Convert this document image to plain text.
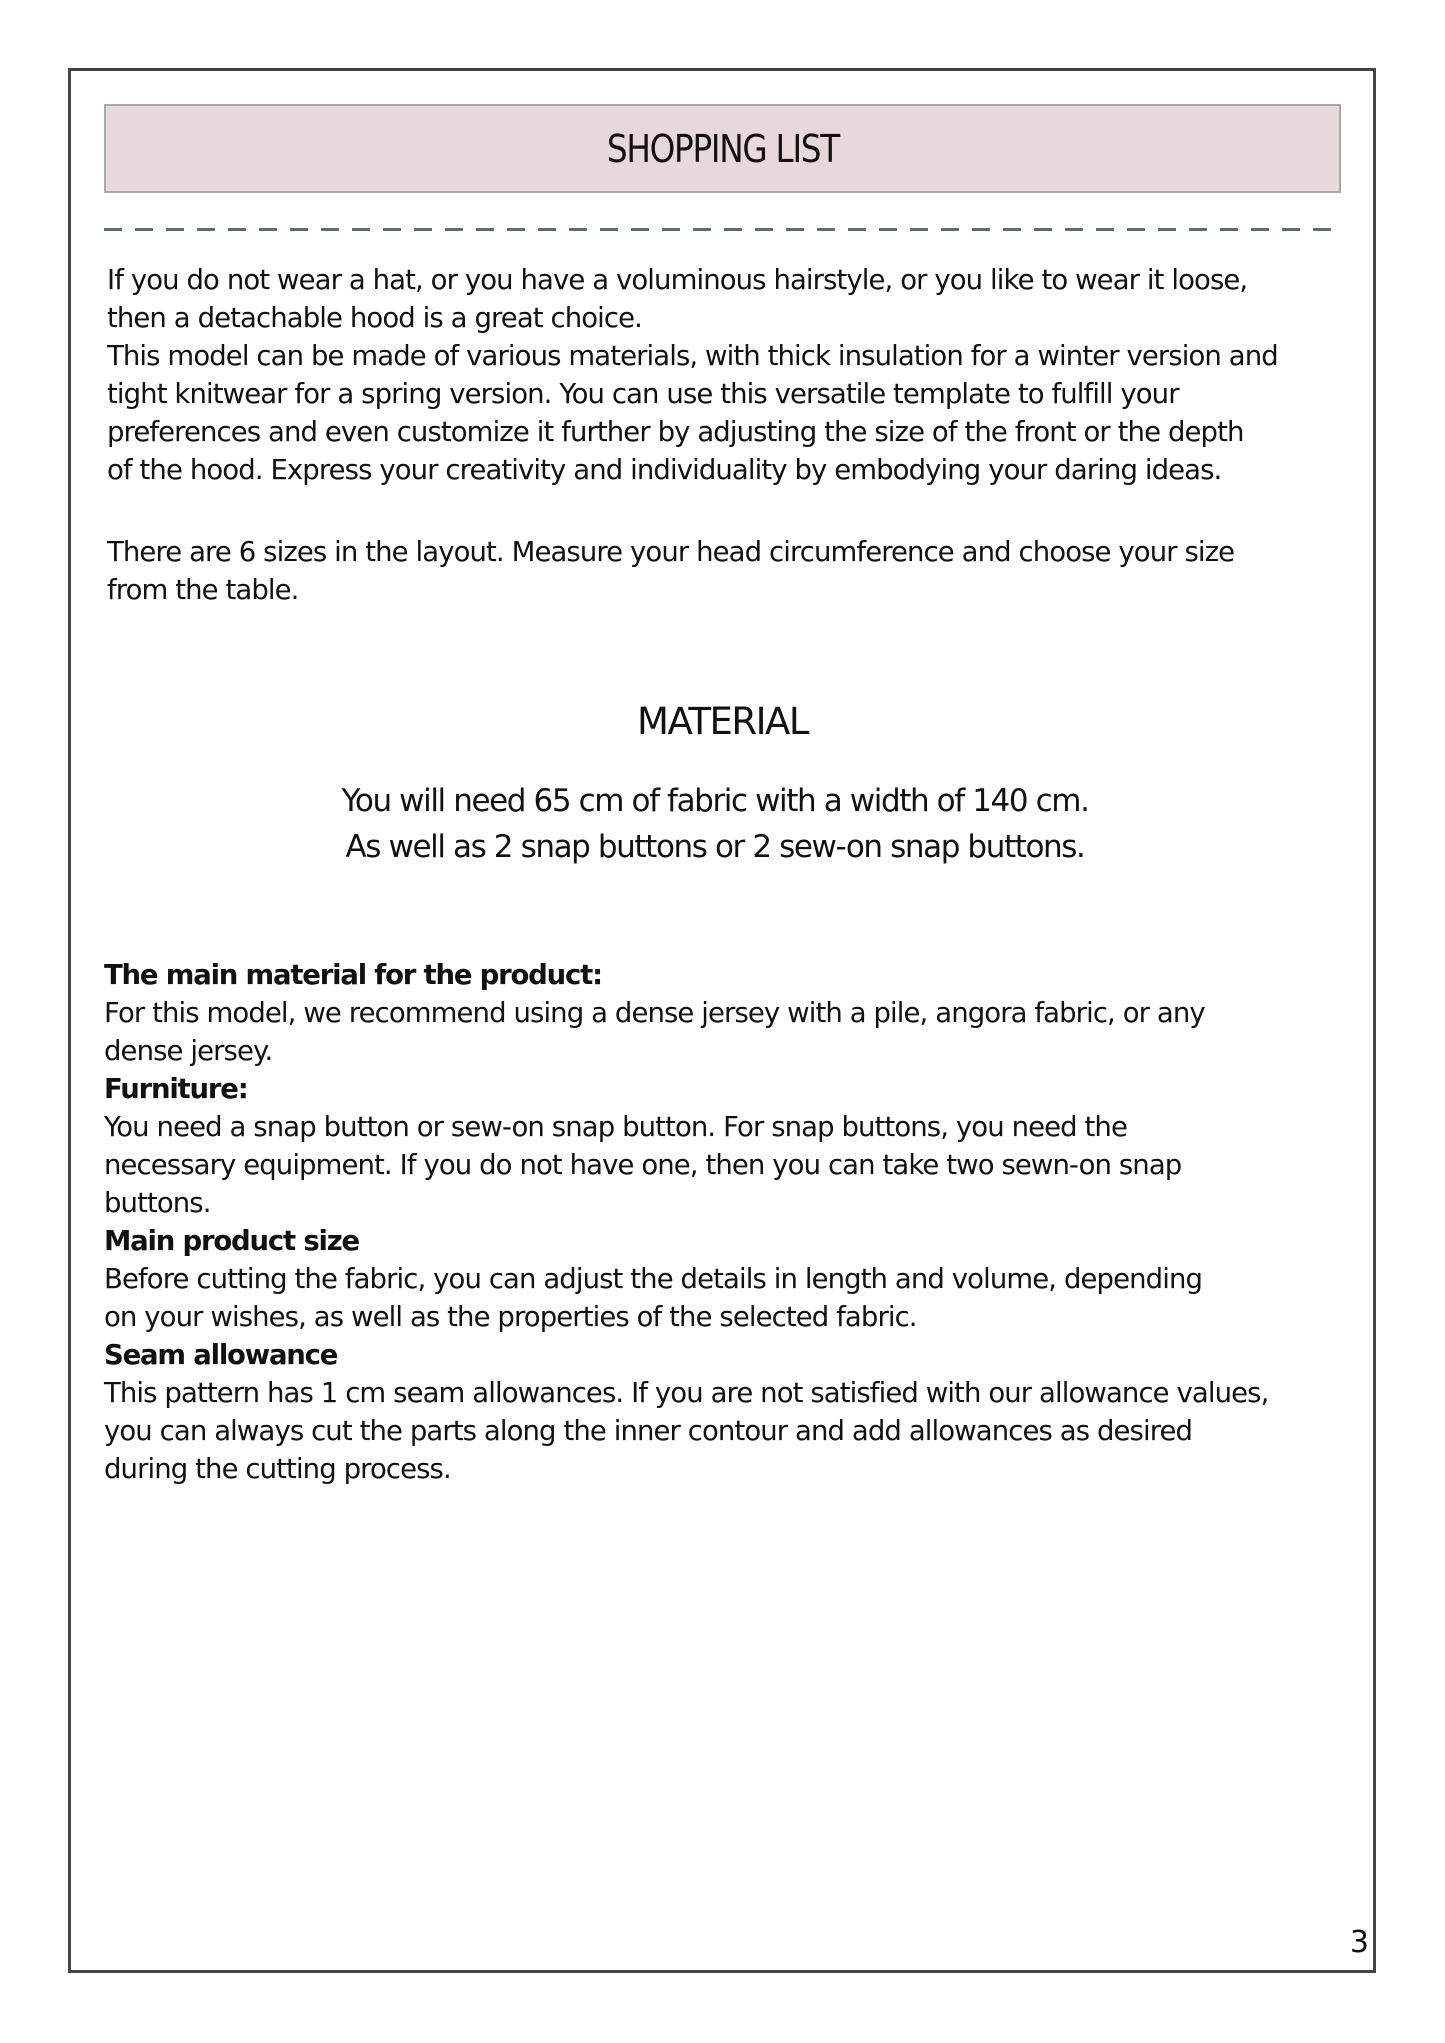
SHOPPING LIST

If you do not wear a hat, or you have a voluminous hairstyle, or you like to wear it loose,

then a detachable hood is a great choice.

This model can be made of various materials, with thick insulation for a winter version and

tight knitwear for a spring version. You can use this versatile template to fulfill your

preferences and even customize it further by adjusting the size of the front or the depth

of the hood. Express your creativity and individuality by embodying your daring ideas.

There are 6 sizes in the layout. Measure your head circumference and choose your size

from the table.

MATERIAL

You will need 65 cm of fabric with a width of 140 cm.

As well as 2 snap buttons or 2 sew-on snap buttons.

The main material for the product:

For this model, we recommend using a dense jersey with a pile, angora fabric, or any

dense jersey.

Furniture:

You need a snap button or sew-on snap button. For snap buttons, you need the

necessary equipment. If you do not have one, then you can take two sewn-on snap

buttons.

Main product size

Before cutting the fabric, you can adjust the details in length and volume, depending

on your wishes, as well as the properties of the selected fabric.

Seam allowance

This pattern has 1 cm seam allowances. If you are not satisfied with our allowance values,

you can always cut the parts along the inner contour and add allowances as desired

during the cutting process.

3
